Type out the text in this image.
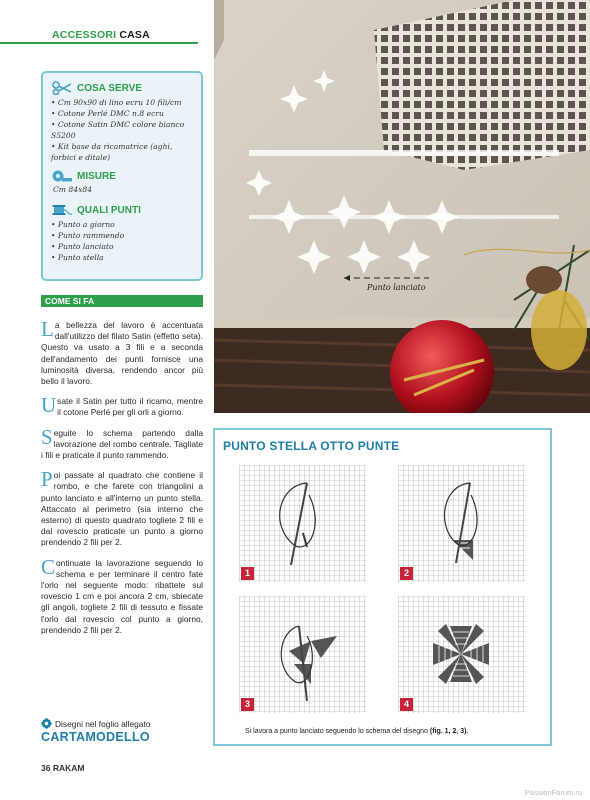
ACCESSORI CASA
COSA SERVE
• Cm 90x90 di lino ecru 10 fili/cm
• Cotone Perlé DMC n.8 ecru
• Cotone Satin DMC colore bianco S5200
• Kit base da ricamatrice (aghi, forbici e ditale)
MISURE
Cm 84x84
QUALI PUNTI
• Punto a giorno
• Punto rammendo
• Punto lanciato
• Punto stella
COME SI FA

La bellezza del lavoro è accentuata dall'utilizzo del filato Satin (effetto seta). Questo va usato a 3 fili e a seconda dell'andamento dei punti fornisce una luminosità diversa, rendendo ancor più bello il lavoro.

Usate il Satin per tutto il ricamo, mentre il cotone Perlé per gli orli a giorno.

Seguite lo schema partendo dalla lavorazione del rombo centrale. Tagliate i fili e praticate il punto rammendo.

Poi passate al quadrato che contiene il rombo, e che farete con triangolini a punto lanciato e all'interno un punto stella. Attaccato al perimetro (sia interno che esterno) di questo quadrato togliete 2 fili e dal rovescio praticate un punto a giorno prendendo 2 fili per 2.

Continuate la lavorazione seguendo lo schema e per terminare il centro fate l'orlo nel seguente modo: ribattete sul rovescio 1 cm e poi ancora 2 cm, sbiecate gli angoli, togliete 2 fili di tessuto e fissate l'orlo dal rovescio col punto a giorno, prendendo 2 fili per 2.

Disegni nel foglio allegato
CARTAMODELLO
36 RAKAM
Punto lanciato
PUNTO STELLA OTTO PUNTE
1	2
3	4
Si lavora a punto lanciato seguendo lo schema del disegno (fig. 1, 2, 3).
PassionForum.ru
